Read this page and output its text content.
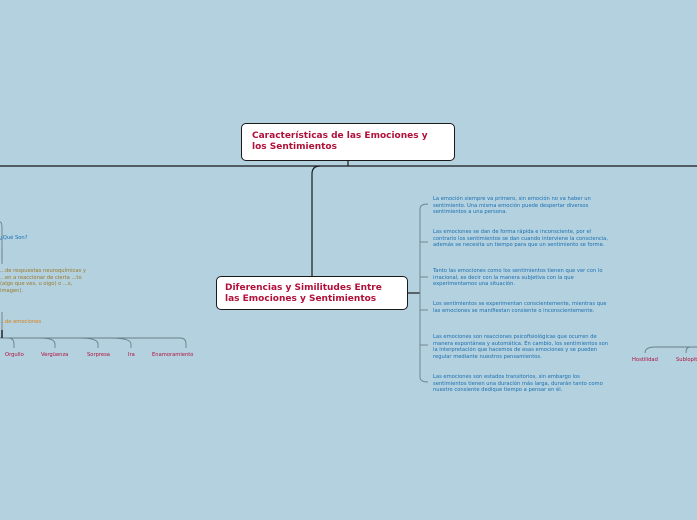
Características de las Emociones y los Sentimientos
Diferencias y Similitudes Entre las Emociones y Sentimientos
La emoción siempre va primero, sin emoción no va haber un sentimiento. Una misma emoción puede despertar diversos sentimientos a una persona.
Las emociones se dan de forma rápida e inconsciente, por el contrario los sentimientos se dan cuando interviene la consciencia, además se necesita un tiempo para que un sentimiento se forme.
Tanto las emociones como los sentimientos tienen que ver con lo irracional, es decir con la manera subjetiva con la que experimentamos una situación.
Los sentimientos se experimentan conscientemente, mientras que las emociones se manifiestan consiente o inconscientemente.
Las emociones son reacciones psicofisiológicas que ocurren de manera espontánea y automática. En cambio, los sentimientos son la interpretación que hacemos de esas emociones y se pueden regular mediante nuestros pensamientos.
Las emociones son estados transitorios, sin embargo los sentimientos tienen una duración más larga, durarán tanto como nuestro consiente dedique tiempo a pensar en él.
¿Qué Son?
...de respuestas neuroquímicas y ...en a reaccionar de cierta ...to (algo que ves, u oigo) o ...s, imagen).
...de emociones
Orgullo	Vergüenza	Sorpresa	Ira	Enamoramiento
Hostilidad	Sublopit
